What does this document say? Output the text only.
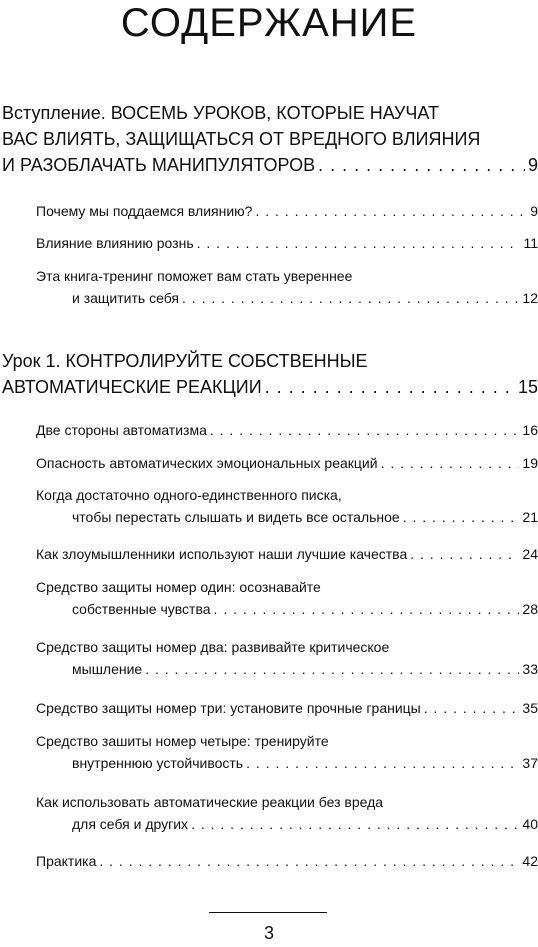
СОДЕРЖАНИЕ
Вступление. ВОСЕМЬ УРОКОВ, КОТОРЫЕ НАУЧАТ
ВАС ВЛИЯТЬ, ЗАЩИЩАТЬСЯ ОТ ВРЕДНОГО ВЛИЯНИЯ
И РАЗОБЛАЧАТЬ МАНИПУЛЯТОРОВ . . .	9
Почему мы поддаемся влиянию? . . .	9
Влияние влиянию рознь . . .	11
Эта книга-тренинг поможет вам стать увереннее
и защитить себя . . .	12
Урок 1. КОНТРОЛИРУЙТЕ СОБСТВЕННЫЕ
АВТОМАТИЧЕСКИЕ РЕАКЦИИ . . .	15
Две стороны автоматизма . . .	16
Опасность автоматических эмоциональных реакций . . .	19
Когда достаточно одного-единственного писка,
чтобы перестать слышать и видеть все остальное . . .	21
Как злоумышленники используют наши лучшие качества . . .	24
Средство защиты номер один: осознавайте
собственные чувства . . .	28
Средство защиты номер два: развивайте критическое
мышление . . .	33
Средство защиты номер три: установите прочные границы . . .	35
Средство зашиты номер четыре: тренируйте
внутреннюю устойчивость . . .	37
Как использовать автоматические реакции без вреда
для себя и других . . .	40
Практика . . .	42
3
